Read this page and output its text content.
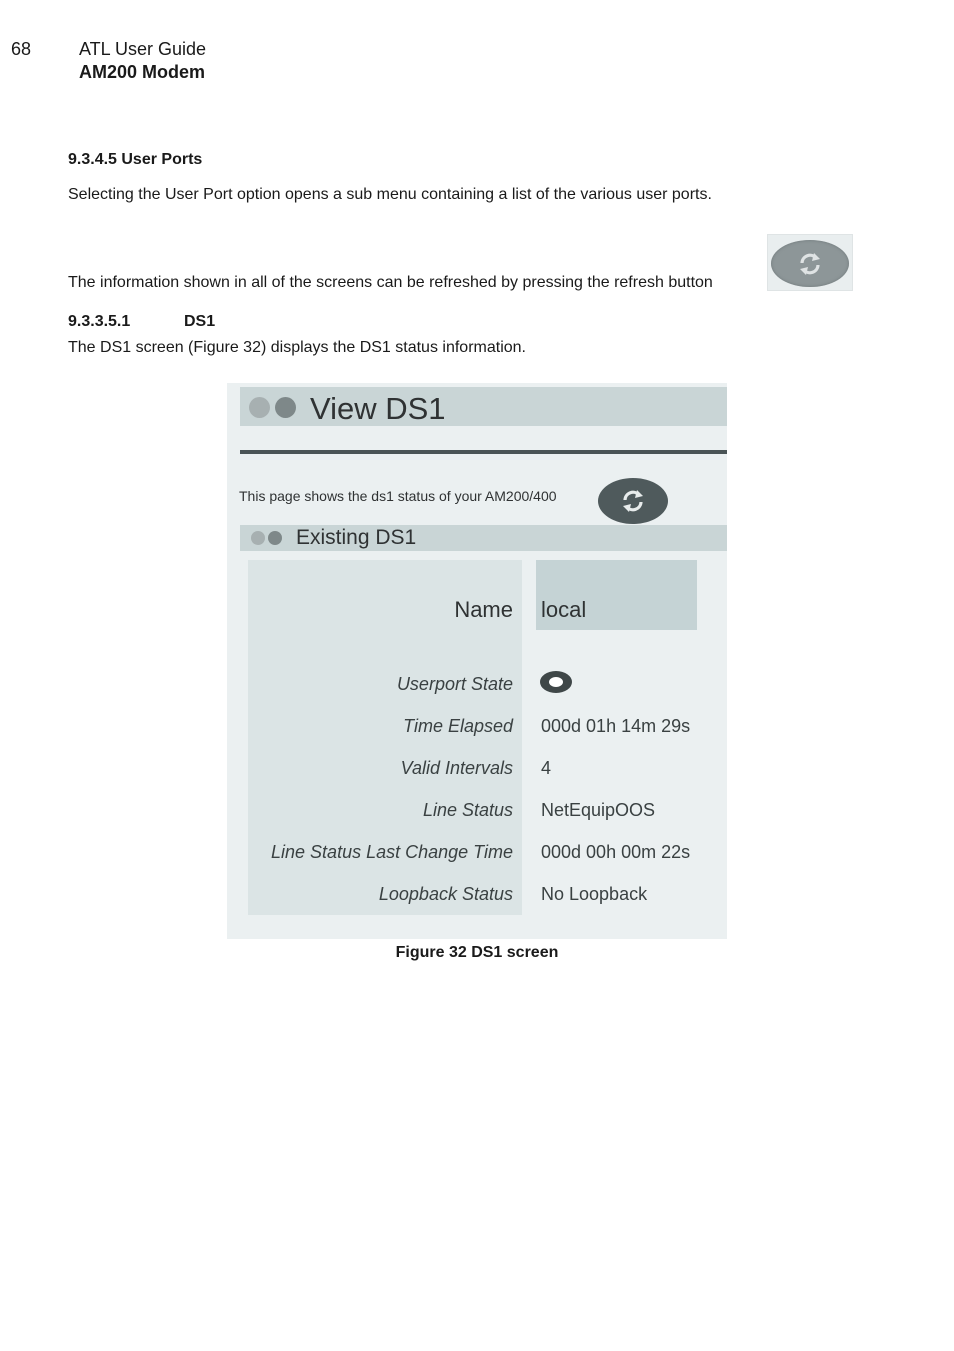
68	ATL User Guide
AM200 Modem
9.3.4.5 User Ports
Selecting the User Port option opens a sub menu containing a list of the various user ports.
The information shown in all of the screens can be refreshed by pressing the refresh button
9.3.3.5.1	DS1
The DS1 screen (Figure 32) displays the DS1 status information.
View DS1
This page shows the ds1 status of your AM200/400
Existing DS1
Name local
Userport State
Time Elapsed 000d 01h 14m 29s
Valid Intervals 4
Line Status NetEquipOOS
Line Status Last Change Time 000d 00h 00m 22s
Loopback Status No Loopback
Figure 32 DS1 screen
